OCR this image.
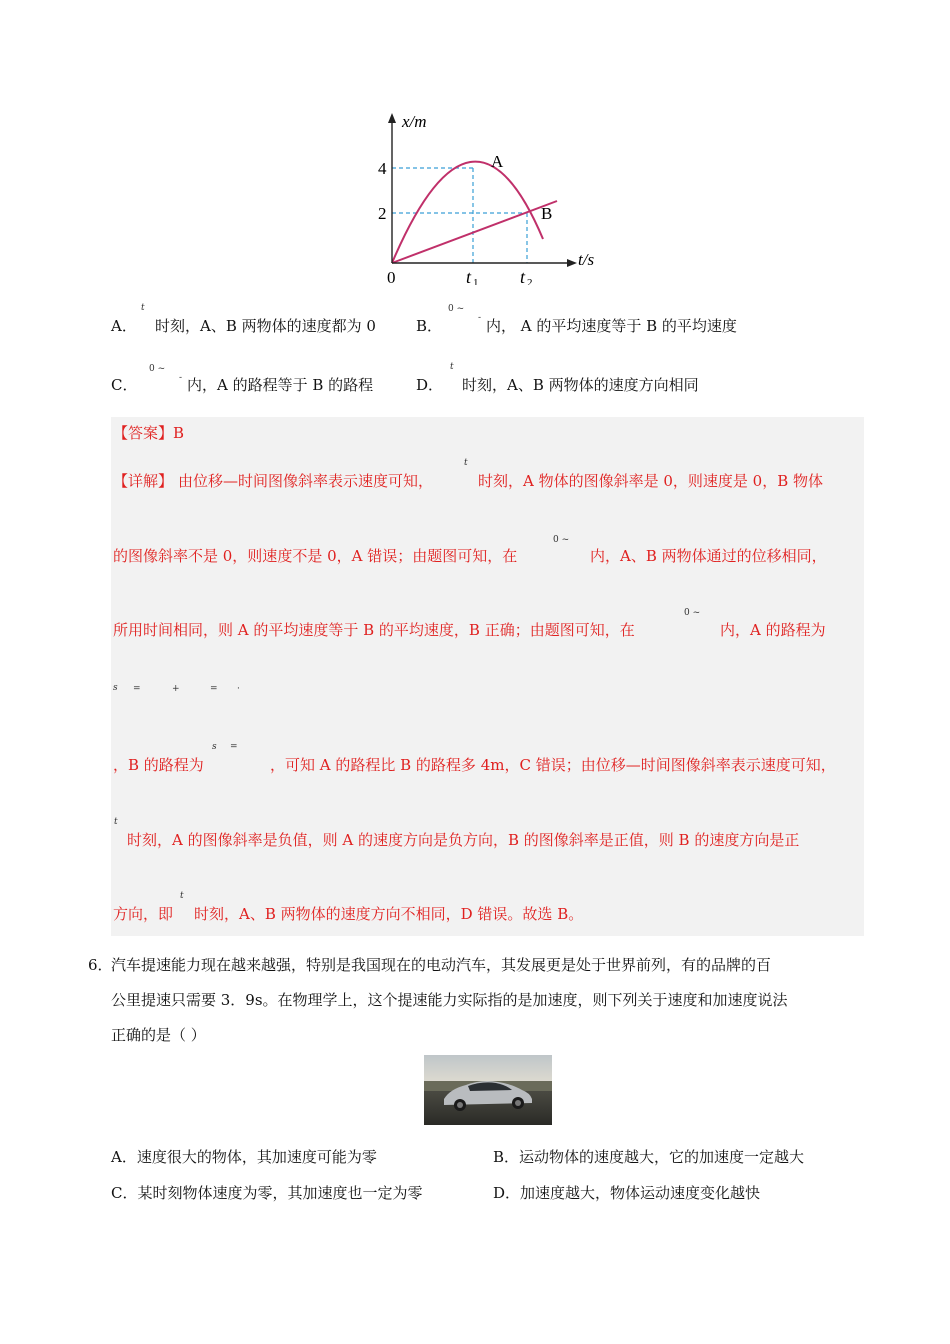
x/m
t/s
4
2
0	t 1 t 2
A
B
A．
t
时刻，A、B 两物体的速度都为 0	B．
0 ~
- 内， A 的平均速度等于 B 的平均速度
C．
0 ~
- 内，A 的路程等于 B 的路程	D．
t
时刻，A、B 两物体的速度方向相同
【答案】B
【详解】 由位移—时间图像斜率表示速度可知，
t
时刻，A 物体的图像斜率是 0，则速度是 0，B 物体
的图像斜率不是 0，则速度不是 0，A 错误；由题图可知，在
0 ~
内，A、B 两物体通过的位移相同，
所用时间相同，则 A 的平均速度等于 B 的平均速度，B 正确；由题图可知，在
0 ~
内，A 的路程为
s =	+	= ·
，B 的路程为
s =
，可知 A 的路程比 B 的路程多 4m，C 错误；由位移—时间图像斜率表示速度可知，
t
时刻，A 的图像斜率是负值，则 A 的速度方向是负方向，B 的图像斜率是正值，则 B 的速度方向是正
方向，即
t
时刻，A、B 两物体的速度方向不相同，D 错误。故选 B。
6．
汽车提速能力现在越来越强，特别是我国现在的电动汽车，其发展更是处于世界前列，有的品牌的百
公里提速只需要 3．9s。在物理学上，这个提速能力实际指的是加速度，则下列关于速度和加速度说法
正确的是（ ）
A．速度很大的物体，其加速度可能为零	B．运动物体的速度越大，它的加速度一定越大
C．某时刻物体速度为零，其加速度也一定为零	D．加速度越大，物体运动速度变化越快
